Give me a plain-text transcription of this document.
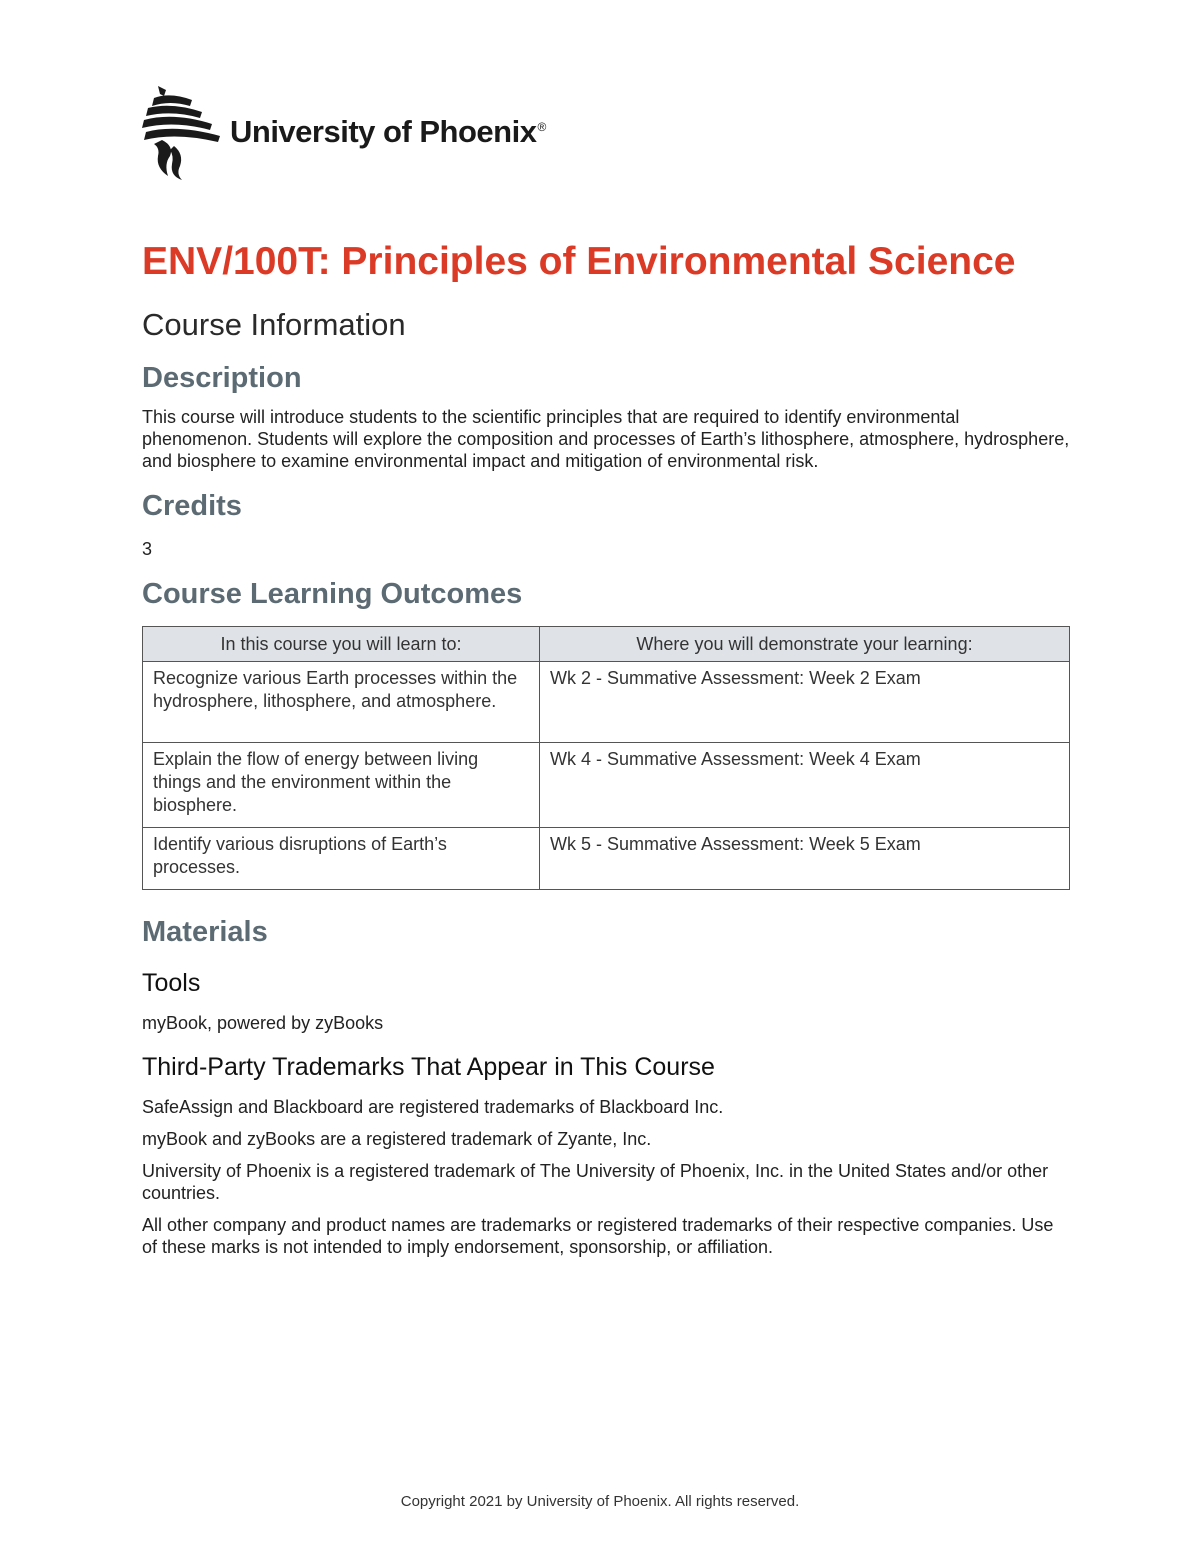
University of Phoenix®
ENV/100T: Principles of Environmental Science
Course Information
Description

This course will introduce students to the scientific principles that are required to identify environmental phenomenon. Students will explore the composition and processes of Earth’s lithosphere, atmosphere, hydrosphere, and biosphere to examine environmental impact and mitigation of environmental risk.

Credits

3

Course Learning Outcomes
In this course you will learn to:	Where you will demonstrate your learning:
Recognize various Earth processes within the hydrosphere, lithosphere, and atmosphere.	Wk 2 - Summative Assessment: Week 2 Exam
Explain the flow of energy between living things and the environment within the biosphere.	Wk 4 - Summative Assessment: Week 4 Exam
Identify various disruptions of Earth’s processes.	Wk 5 - Summative Assessment: Week 5 Exam
Materials
Tools

myBook, powered by zyBooks

Third-Party Trademarks That Appear in This Course

SafeAssign and Blackboard are registered trademarks of Blackboard Inc.

myBook and zyBooks are a registered trademark of Zyante, Inc.

University of Phoenix is a registered trademark of The University of Phoenix, Inc. in the United States and/or other countries.

All other company and product names are trademarks or registered trademarks of their respective companies. Use of these marks is not intended to imply endorsement, sponsorship, or affiliation.

Copyright 2021 by University of Phoenix. All rights reserved.
